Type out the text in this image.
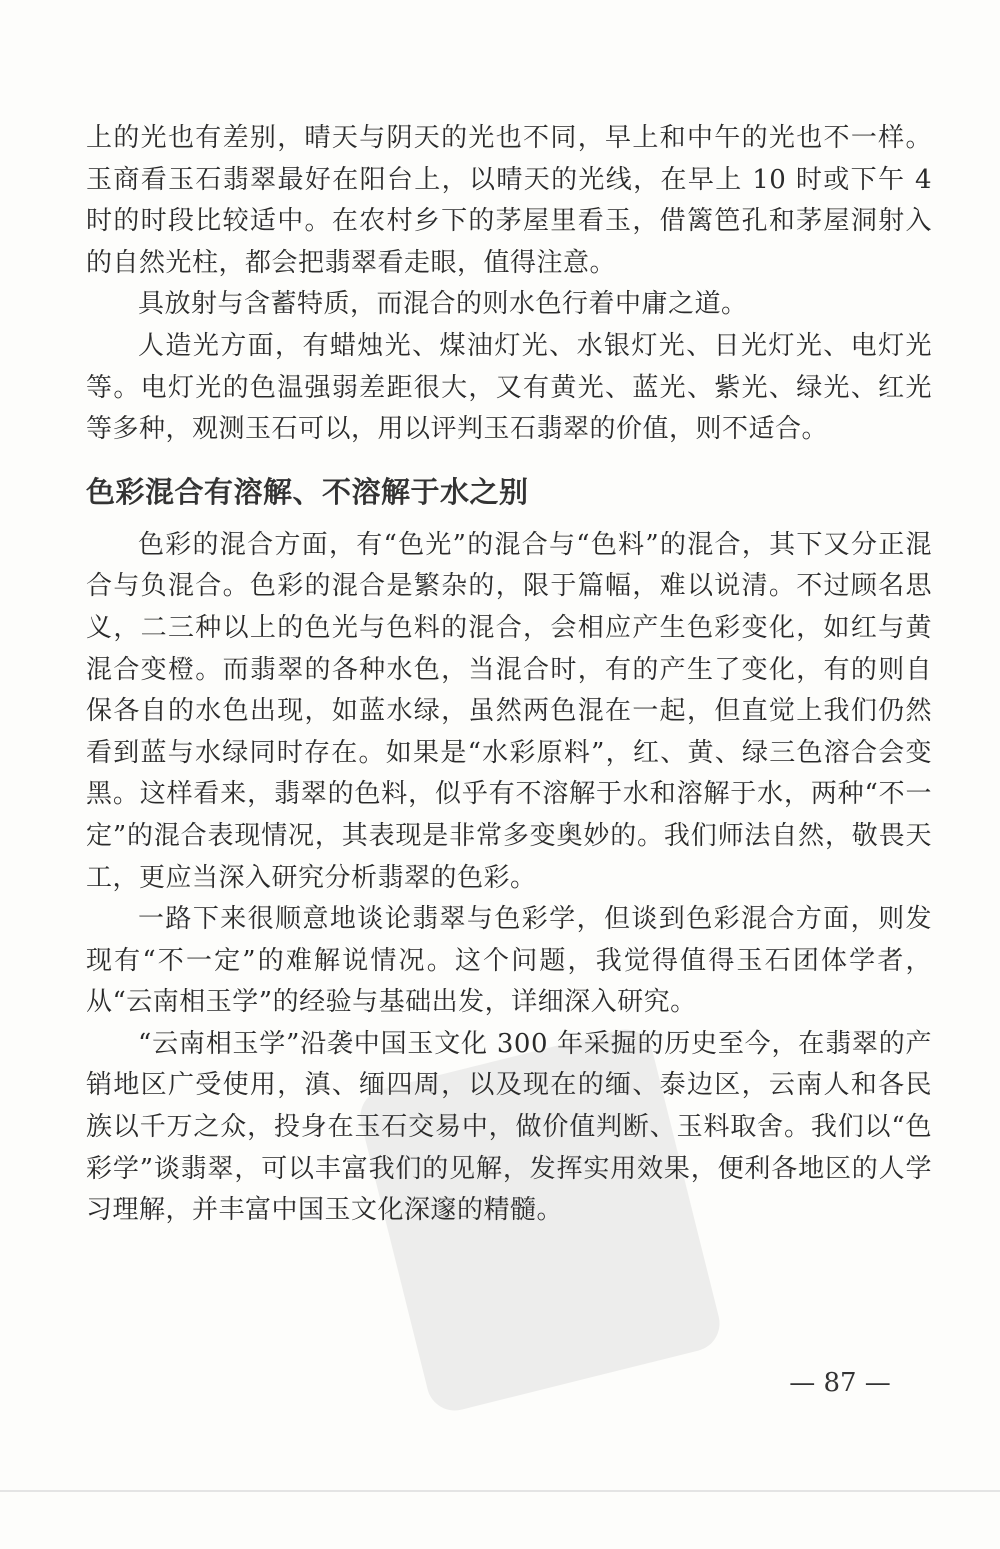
上的光也有差别，晴天与阴天的光也不同，早上和中午的光也不一样。玉商看玉石翡翠最好在阳台上，以晴天的光线，在早上 10 时或下午 4 时的时段比较适中。在农村乡下的茅屋里看玉，借篱笆孔和茅屋洞射入的自然光柱，都会把翡翠看走眼，值得注意。

具放射与含蓄特质，而混合的则水色行着中庸之道。

人造光方面，有蜡烛光、煤油灯光、水银灯光、日光灯光、电灯光等。电灯光的色温强弱差距很大，又有黄光、蓝光、紫光、绿光、红光等多种，观测玉石可以，用以评判玉石翡翠的价值，则不适合。

色彩混合有溶解、不溶解于水之别

色彩的混合方面，有“色光”的混合与“色料”的混合，其下又分正混合与负混合。色彩的混合是繁杂的，限于篇幅，难以说清。不过顾名思义，二三种以上的色光与色料的混合，会相应产生色彩变化，如红与黄混合变橙。而翡翠的各种水色，当混合时，有的产生了变化，有的则自保各自的水色出现，如蓝水绿，虽然两色混在一起，但直觉上我们仍然看到蓝与水绿同时存在。如果是“水彩原料”，红、黄、绿三色溶合会变黑。这样看来，翡翠的色料，似乎有不溶解于水和溶解于水，两种“不一定”的混合表现情况，其表现是非常多变奥妙的。我们师法自然，敬畏天工，更应当深入研究分析翡翠的色彩。

一路下来很顺意地谈论翡翠与色彩学，但谈到色彩混合方面，则发现有“不一定”的难解说情况。这个问题，我觉得值得玉石团体学者，从“云南相玉学”的经验与基础出发，详细深入研究。

“云南相玉学”沿袭中国玉文化 300 年采掘的历史至今，在翡翠的产销地区广受使用，滇、缅四周，以及现在的缅、泰边区，云南人和各民族以千万之众，投身在玉石交易中，做价值判断、玉料取舍。我们以“色彩学”谈翡翠，可以丰富我们的见解，发挥实用效果，便利各地区的人学习理解，并丰富中国玉文化深邃的精髓。

— 87 —
